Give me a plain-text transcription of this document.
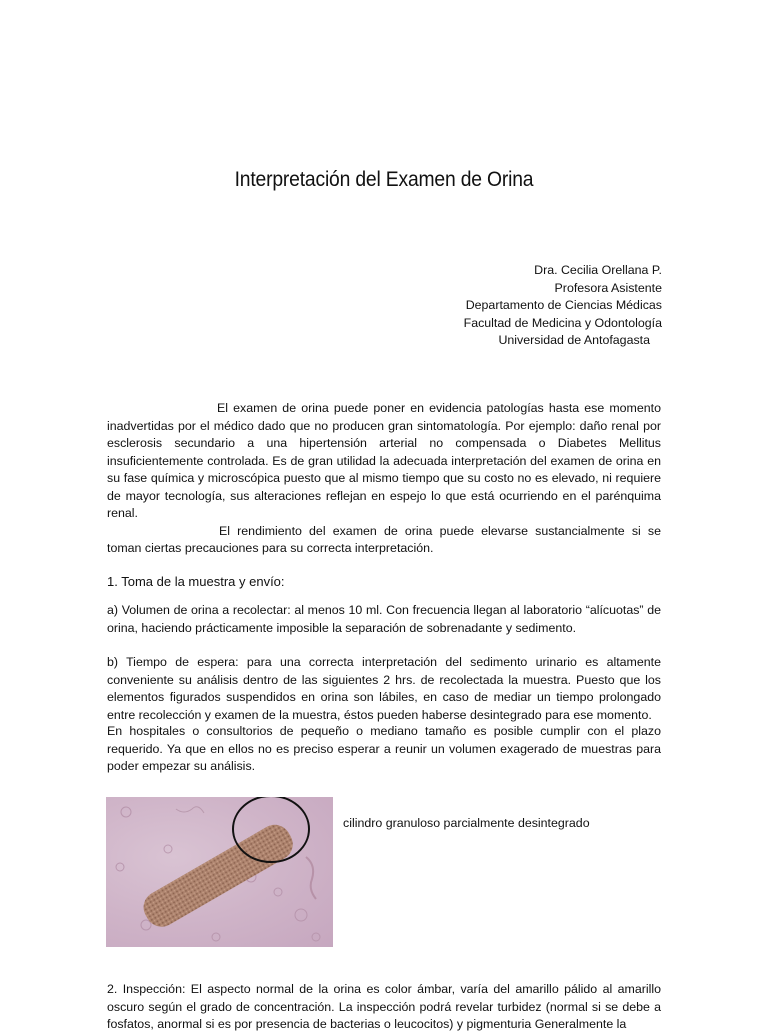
Interpretación del Examen de Orina
Dra. Cecilia Orellana P.
Profesora Asistente
Departamento de Ciencias Médicas
Facultad de Medicina y Odontología
Universidad de Antofagasta

El examen de orina puede poner en evidencia patologías hasta ese momento inadvertidas por el médico dado que no producen gran sintomatología. Por ejemplo: daño renal por esclerosis secundario a una hipertensión arterial no compensada o Diabetes Mellitus insuficientemente controlada. Es de gran utilidad la adecuada interpretación del examen de orina en su fase química y microscópica puesto que al mismo tiempo que su costo no es elevado, ni requiere de mayor tecnología, sus alteraciones reflejan en espejo lo que está ocurriendo en el parénquima renal.

El rendimiento del examen de orina puede elevarse sustancialmente si se toman ciertas precauciones para su correcta interpretación.

1. Toma de la muestra y envío:

a) Volumen de orina a recolectar: al menos 10 ml. Con frecuencia llegan al laboratorio “alícuotas” de orina, haciendo prácticamente imposible la separación de sobrenadante y sedimento.

b) Tiempo de espera: para una correcta interpretación del sedimento urinario es altamente conveniente su análisis dentro de las siguientes 2 hrs. de recolectada la muestra. Puesto que los elementos figurados suspendidos en orina son lábiles, en caso de mediar un tiempo prolongado entre recolección y examen de la muestra, éstos pueden haberse desintegrado para ese momento.

En hospitales o consultorios de pequeño o mediano tamaño es posible cumplir con el plazo requerido. Ya que en ellos no es preciso esperar a reunir un volumen exagerado de muestras para poder empezar su análisis.

cilindro granuloso parcialmente desintegrado

2. Inspección: El aspecto normal de la orina es color ámbar, varía del amarillo pálido al amarillo oscuro según el grado de concentración. La inspección podrá revelar turbidez (normal si se debe a fosfatos, anormal si es por presencia de bacterias o leucocitos) y pigmenturia Generalmente la
